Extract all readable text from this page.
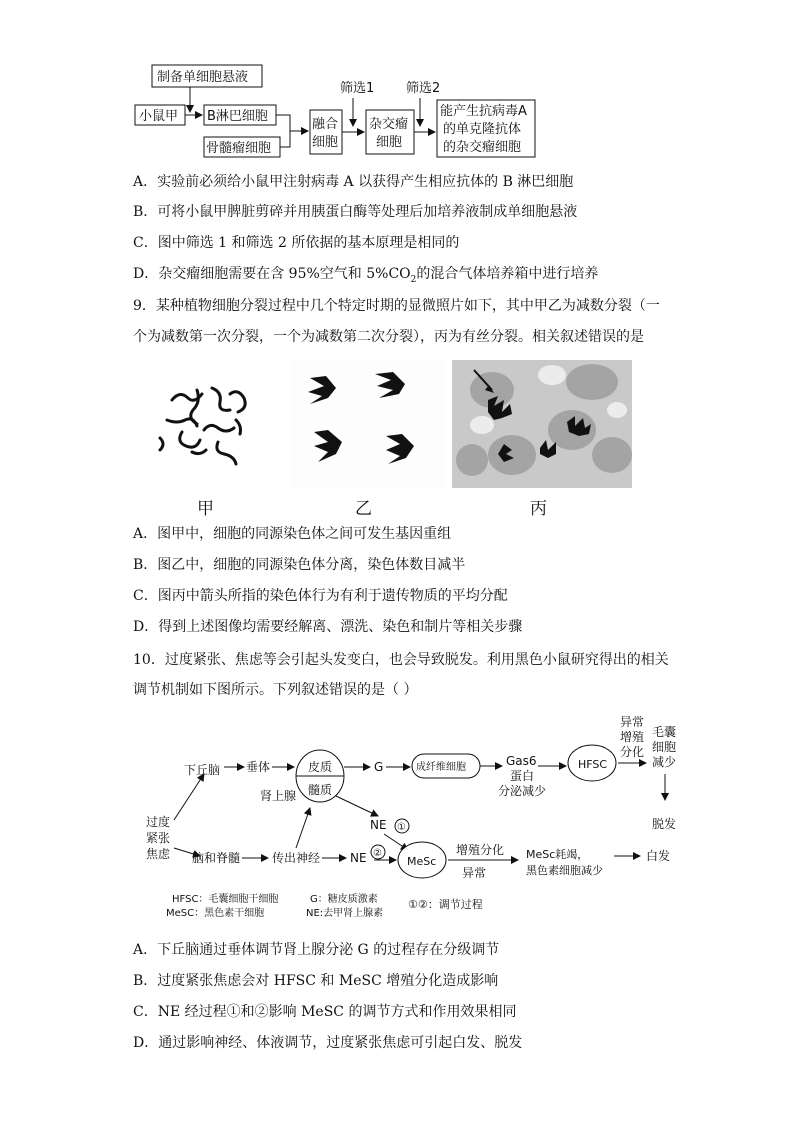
制备单细胞悬液
小鼠甲 B淋巴细胞
骨髓瘤细胞
融合
细胞
筛选1
杂交瘤
细胞
筛选2
能产生抗病毒A
的单克隆抗体
的杂交瘤细胞
A．实验前必须给小鼠甲注射病毒 A 以获得产生相应抗体的 B 淋巴细胞
B．可将小鼠甲脾脏剪碎并用胰蛋白酶等处理后加培养液制成单细胞悬液
C．图中筛选 1 和筛选 2 所依据的基本原理是相同的
D．杂交瘤细胞需要在含 95%空气和 $5\%CO_2$的混合气体培养箱中进行培养
9．某种植物细胞分裂过程中几个特定时期的显微照片如下，其中甲乙为减数分裂（一
个为减数第一次分裂，一个为减数第二次分裂），丙为有丝分裂。相关叙述错误的是
甲	乙	丙
A．图甲中，细胞的同源染色体之间可发生基因重组
B．图乙中，细胞的同源染色体分离，染色体数目减半
C．图丙中箭头所指的染色体行为有利于遗传物质的平均分配
D．得到上述图像均需要经解离、漂洗、染色和制片等相关步骤
10．过度紧张、焦虑等会引起头发变白，也会导致脱发。利用黑色小鼠研究得出的相关
调节机制如下图所示。下列叙述错误的是（ ）
过度
紧张
焦虑
下丘脑 垂体	皮质
髓质
肾上腺
G	成纤维细胞	Gas6
蛋白
分泌减少
HFSC
异常
增殖
分化
毛囊
细胞
减少
脱发
NE ①
脑和脊髓	传出神经 NE ②
MeSc
增殖分化
异常
MeSc耗竭，
黑色素细胞减少
白发
HFSC：毛囊细胞干细胞
MeSC：黑色素干细胞
G：糖皮质激素
NE:去甲肾上腺素
①②：调节过程
A．下丘脑通过垂体调节肾上腺分泌 G 的过程存在分级调节
B．过度紧张焦虑会对 HFSC 和 MeSC 增殖分化造成影响
C．NE 经过程①和②影响 MeSC 的调节方式和作用效果相同
D．通过影响神经、体液调节，过度紧张焦虑可引起白发、脱发
